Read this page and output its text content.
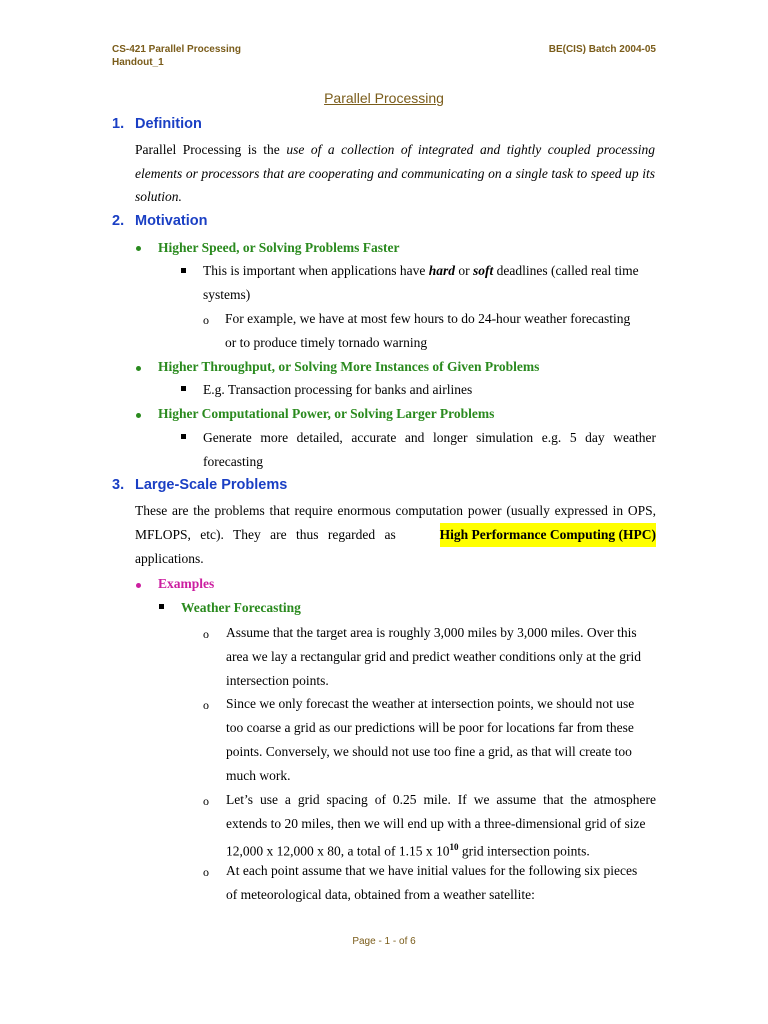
CS-421 Parallel Processing
Handout_1
BE(CIS) Batch 2004-05
Parallel Processing
1. Definition
Parallel Processing is the use of a collection of integrated and tightly coupled processing elements or processors that are cooperating and communicating on a single task to speed up its solution.
2. Motivation
Higher Speed, or Solving Problems Faster
This is important when applications have hard or soft deadlines (called real time
systems)
o For example, we have at most few hours to do 24-hour weather forecasting
or to produce timely tornado warning
Higher Throughput, or Solving More Instances of Given Problems
E.g. Transaction processing for banks and airlines
Higher Computational Power, or Solving Larger Problems
Generate more detailed, accurate and longer simulation e.g. 5 day weather
forecasting
3. Large-Scale Problems
These are the problems that require enormous computation power (usually expressed in OPS,
MFLOPS, etc). They are thus regarded as	High Performance Computing (HPC)
applications.
Examples
Weather Forecasting
o Assume that the target area is roughly 3,000 miles by 3,000 miles. Over this
area we lay a rectangular grid and predict weather conditions only at the grid
intersection points.
o Since we only forecast the weather at intersection points, we should not use
too coarse a grid as our predictions will be poor for locations far from these
points. Conversely, we should not use too fine a grid, as that will create too
much work.
o Let’s use a grid spacing of 0.25 mile. If we assume that the atmosphere
extends to 20 miles, then we will end up with a three-dimensional grid of size
12,000 x 12,000 x 80, a total of 1.15 x $10^{10}$ grid intersection points.
o At each point assume that we have initial values for the following six pieces
of meteorological data, obtained from a weather satellite:
Page - 1 - of 6
